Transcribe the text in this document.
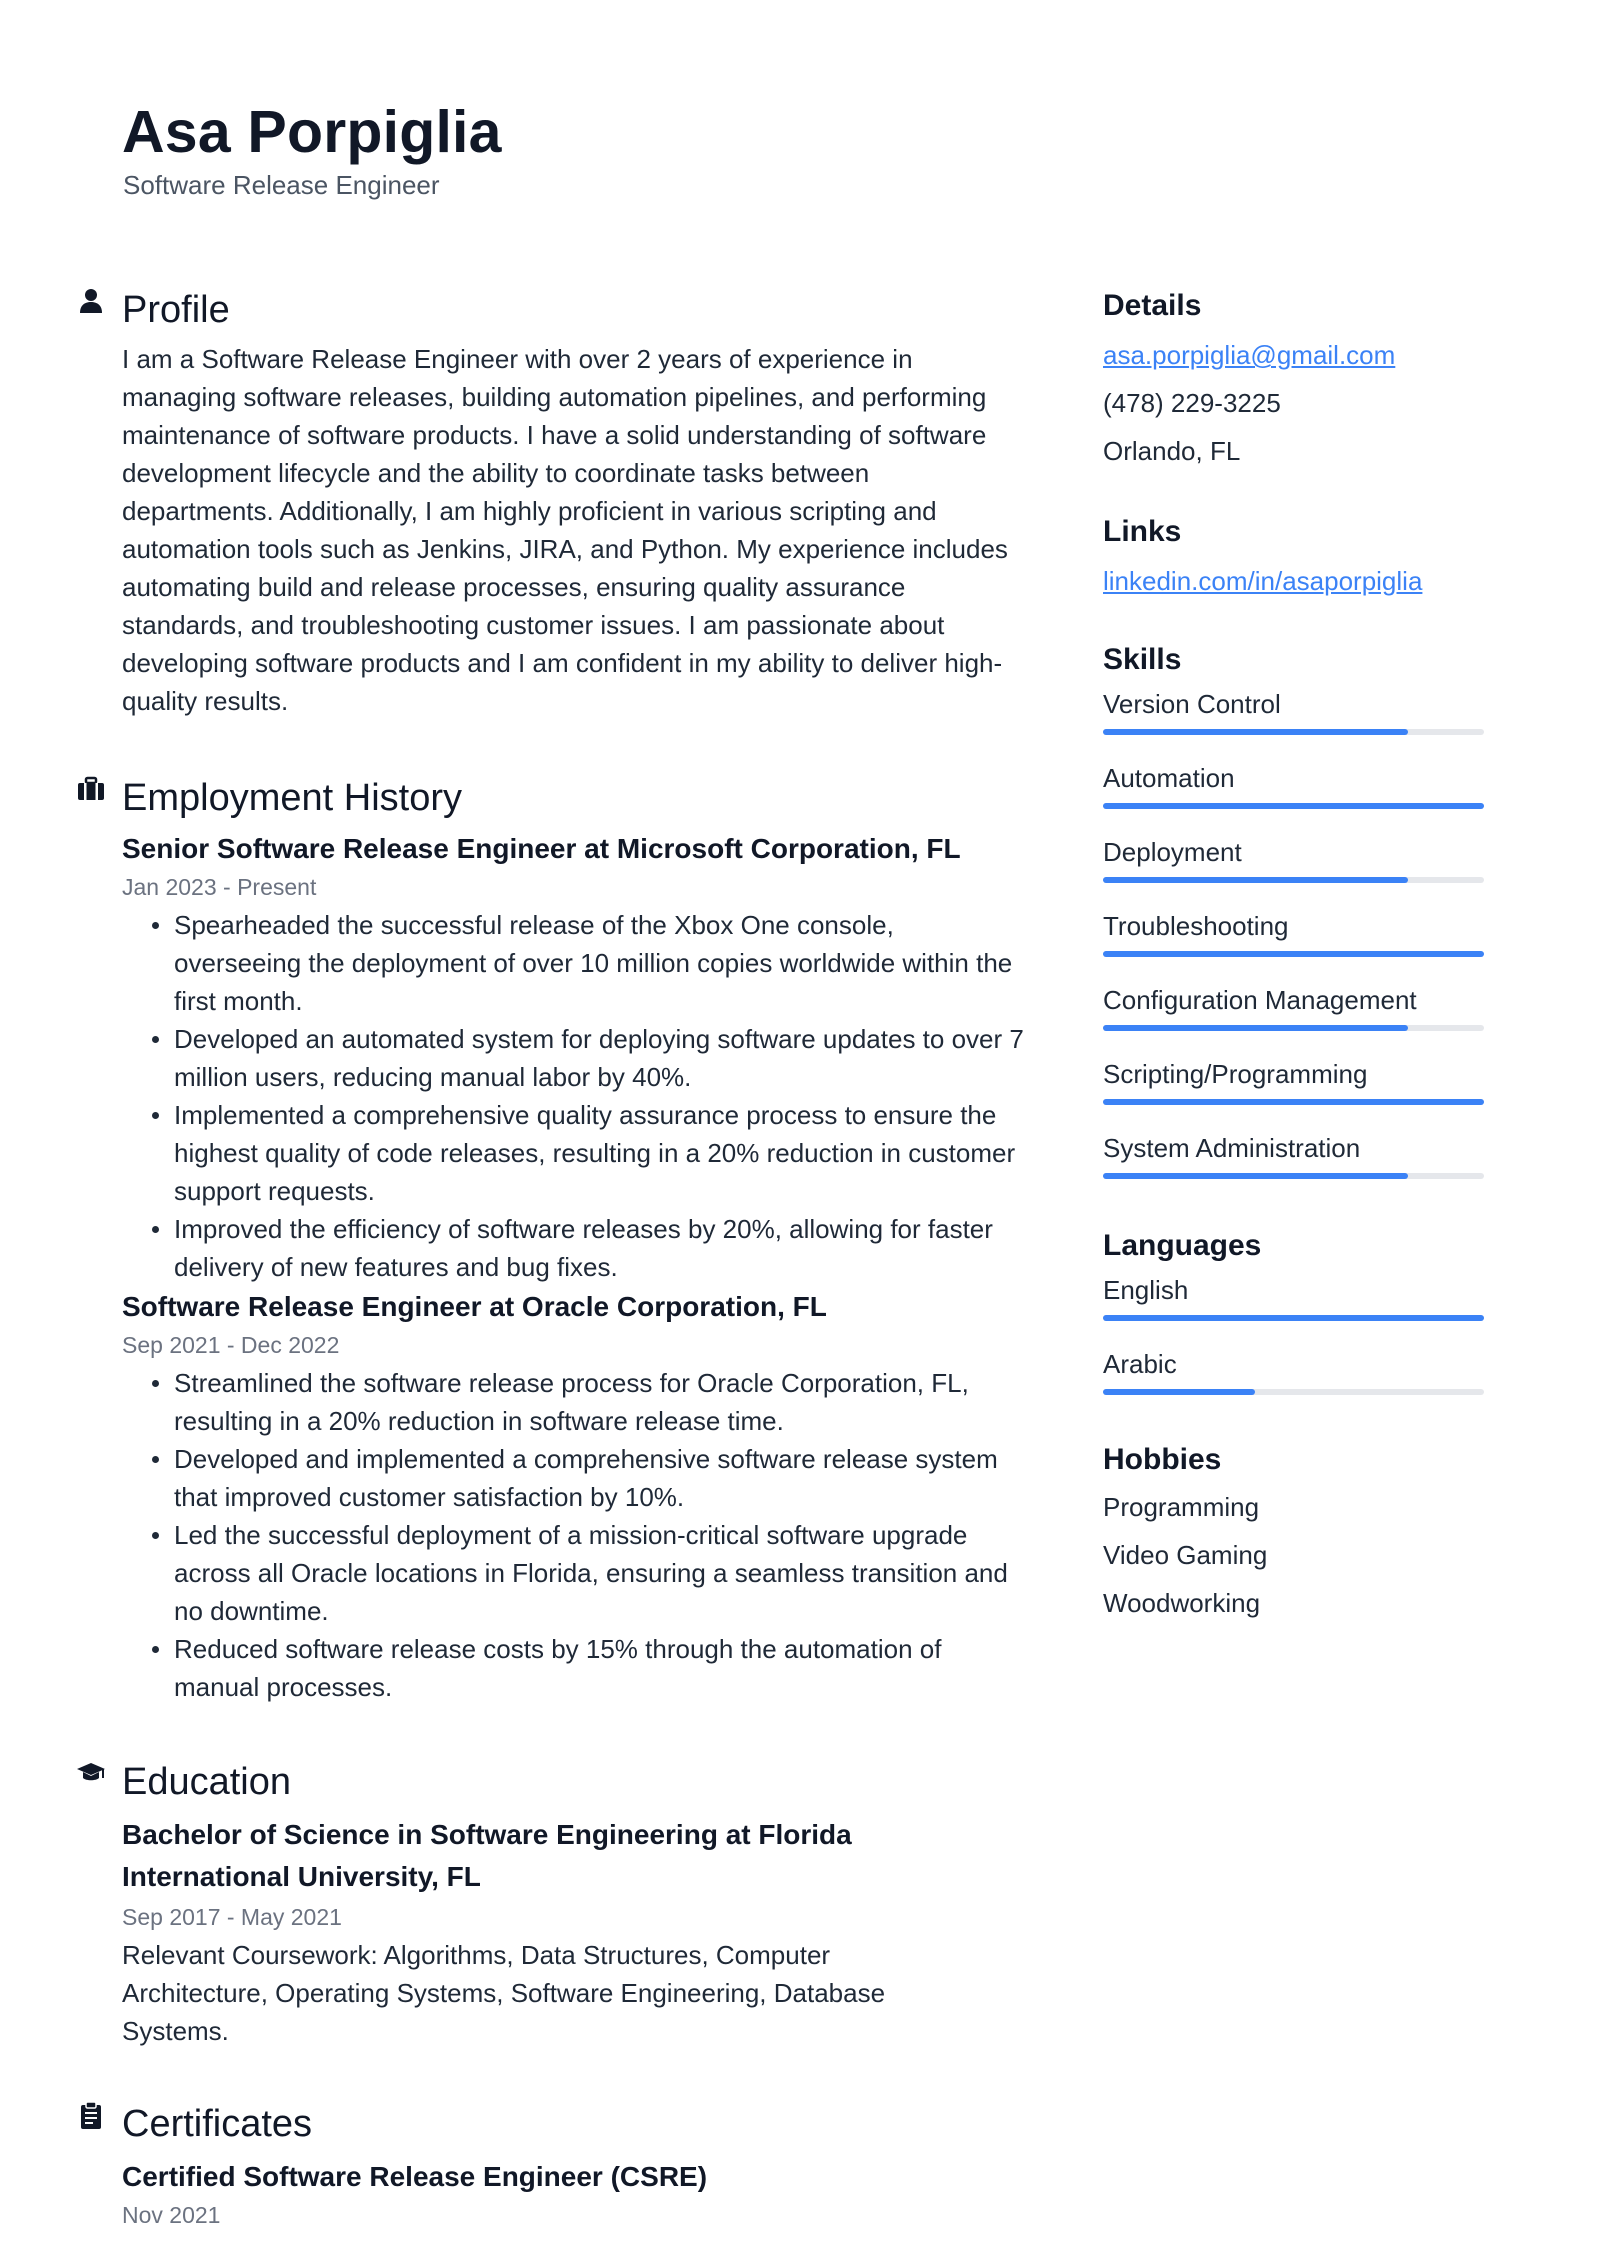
Asa Porpiglia
Software Release Engineer
Profile
I am a Software Release Engineer with over 2 years of experience in managing software releases, building automation pipelines, and performing maintenance of software products. I have a solid understanding of software development lifecycle and the ability to coordinate tasks between departments. Additionally, I am highly proficient in various scripting and automation tools such as Jenkins, JIRA, and Python. My experience includes automating build and release processes, ensuring quality assurance standards, and troubleshooting customer issues. I am passionate about developing software products and I am confident in my ability to deliver high-quality results.
Employment History
Senior Software Release Engineer at Microsoft Corporation, FL
Jan 2023 - Present
Spearheaded the successful release of the Xbox One console, overseeing the deployment of over 10 million copies worldwide within the first month.
Developed an automated system for deploying software updates to over 7 million users, reducing manual labor by 40%.
Implemented a comprehensive quality assurance process to ensure the highest quality of code releases, resulting in a 20% reduction in customer support requests.
Improved the efficiency of software releases by 20%, allowing for faster delivery of new features and bug fixes.
Software Release Engineer at Oracle Corporation, FL
Sep 2021 - Dec 2022
Streamlined the software release process for Oracle Corporation, FL, resulting in a 20% reduction in software release time.
Developed and implemented a comprehensive software release system that improved customer satisfaction by 10%.
Led the successful deployment of a mission-critical software upgrade across all Oracle locations in Florida, ensuring a seamless transition and no downtime.
Reduced software release costs by 15% through the automation of manual processes.
Education
Bachelor of Science in Software Engineering at Florida International University, FL
Sep 2017 - May 2021
Relevant Coursework: Algorithms, Data Structures, Computer Architecture, Operating Systems, Software Engineering, Database Systems.
Certificates
Certified Software Release Engineer (CSRE)
Nov 2021
Details
asa.porpiglia@gmail.com
(478) 229-3225
Orlando, FL
Links
linkedin.com/in/asaporpiglia
Skills
Version Control
Automation
Deployment
Troubleshooting
Configuration Management
Scripting/Programming
System Administration
Languages
English
Arabic
Hobbies
Programming
Video Gaming
Woodworking
